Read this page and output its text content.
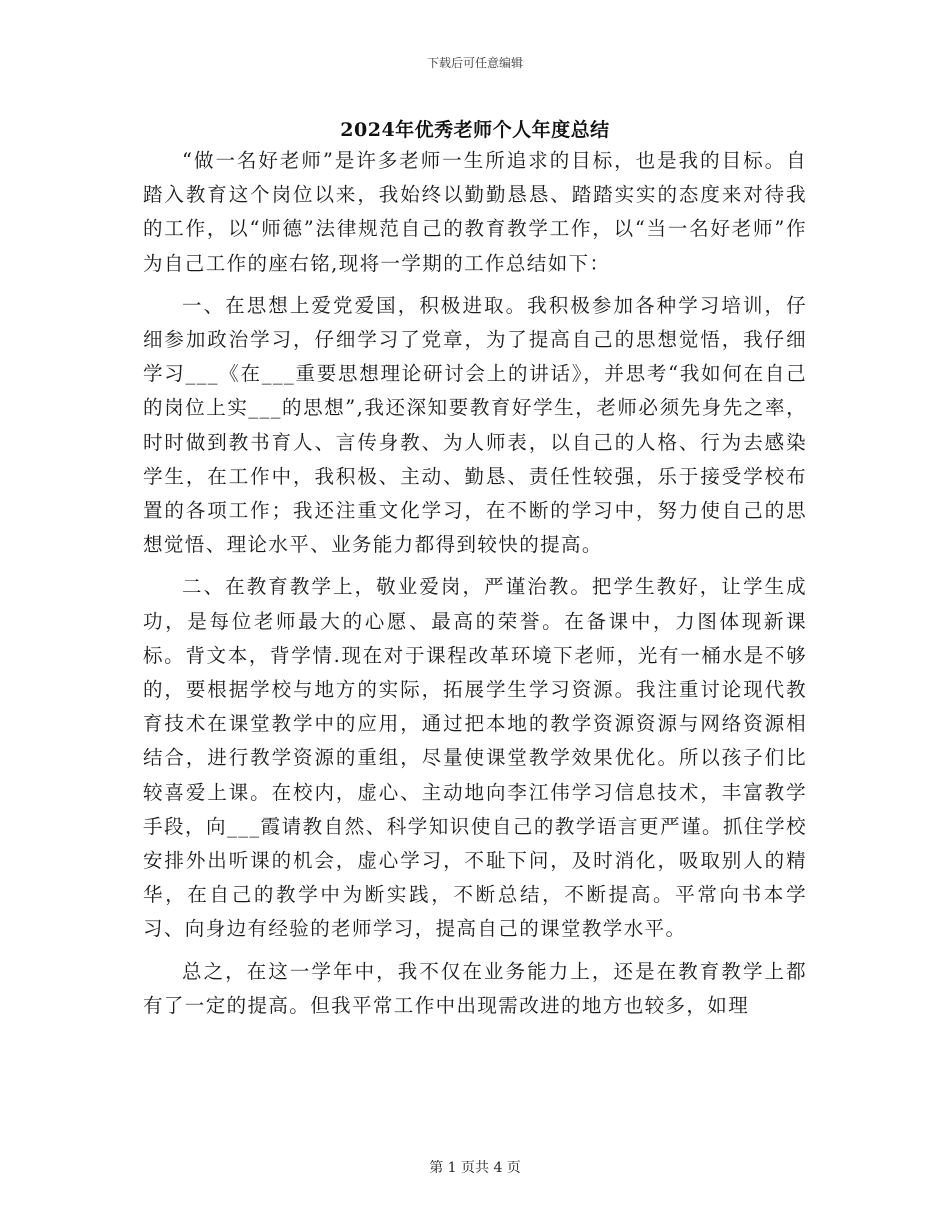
下载后可任意编辑
2024年优秀老师个人年度总结

“做一名好老师”是许多老师一生所追求的目标，也是我的目标。自踏入教育这个岗位以来，我始终以勤勤恳恳、踏踏实实的态度来对待我的工作，以“师德”法律规范自己的教育教学工作，以“当一名好老师”作为自己工作的座右铭,现将一学期的工作总结如下：

一、在思想上爱党爱国，积极进取。我积极参加各种学习培训，仔细参加政治学习，仔细学习了党章，为了提高自己的思想觉悟，我仔细学习___《在___重要思想理论研讨会上的讲话》，并思考“我如何在自己的岗位上实___的思想”,我还深知要教育好学生，老师必须先身先之率，时时做到教书育人、言传身教、为人师表，以自己的人格、行为去感染学生，在工作中，我积极、主动、勤恳、责任性较强，乐于接受学校布置的各项工作；我还注重文化学习，在不断的学习中，努力使自己的思想觉悟、理论水平、业务能力都得到较快的提高。

二、在教育教学上，敬业爱岗，严谨治教。把学生教好，让学生成功，是每位老师最大的心愿、最高的荣誉。在备课中，力图体现新课标。背文本，背学情.现在对于课程改革环境下老师，光有一桶水是不够的，要根据学校与地方的实际，拓展学生学习资源。我注重讨论现代教育技术在课堂教学中的应用，通过把本地的教学资源资源与网络资源相结合，进行教学资源的重组，尽量使课堂教学效果优化。所以孩子们比较喜爱上课。在校内，虚心、主动地向李江伟学习信息技术，丰富教学手段，向___霞请教自然、科学知识使自己的教学语言更严谨。抓住学校安排外出听课的机会，虚心学习，不耻下问，及时消化，吸取别人的精华，在自己的教学中为断实践，不断总结，不断提高。平常向书本学习、向身边有经验的老师学习，提高自己的课堂教学水平。

总之，在这一学年中，我不仅在业务能力上，还是在教育教学上都有了一定的提高。但我平常工作中出现需改进的地方也较多，如理

第 1 页共 4 页
